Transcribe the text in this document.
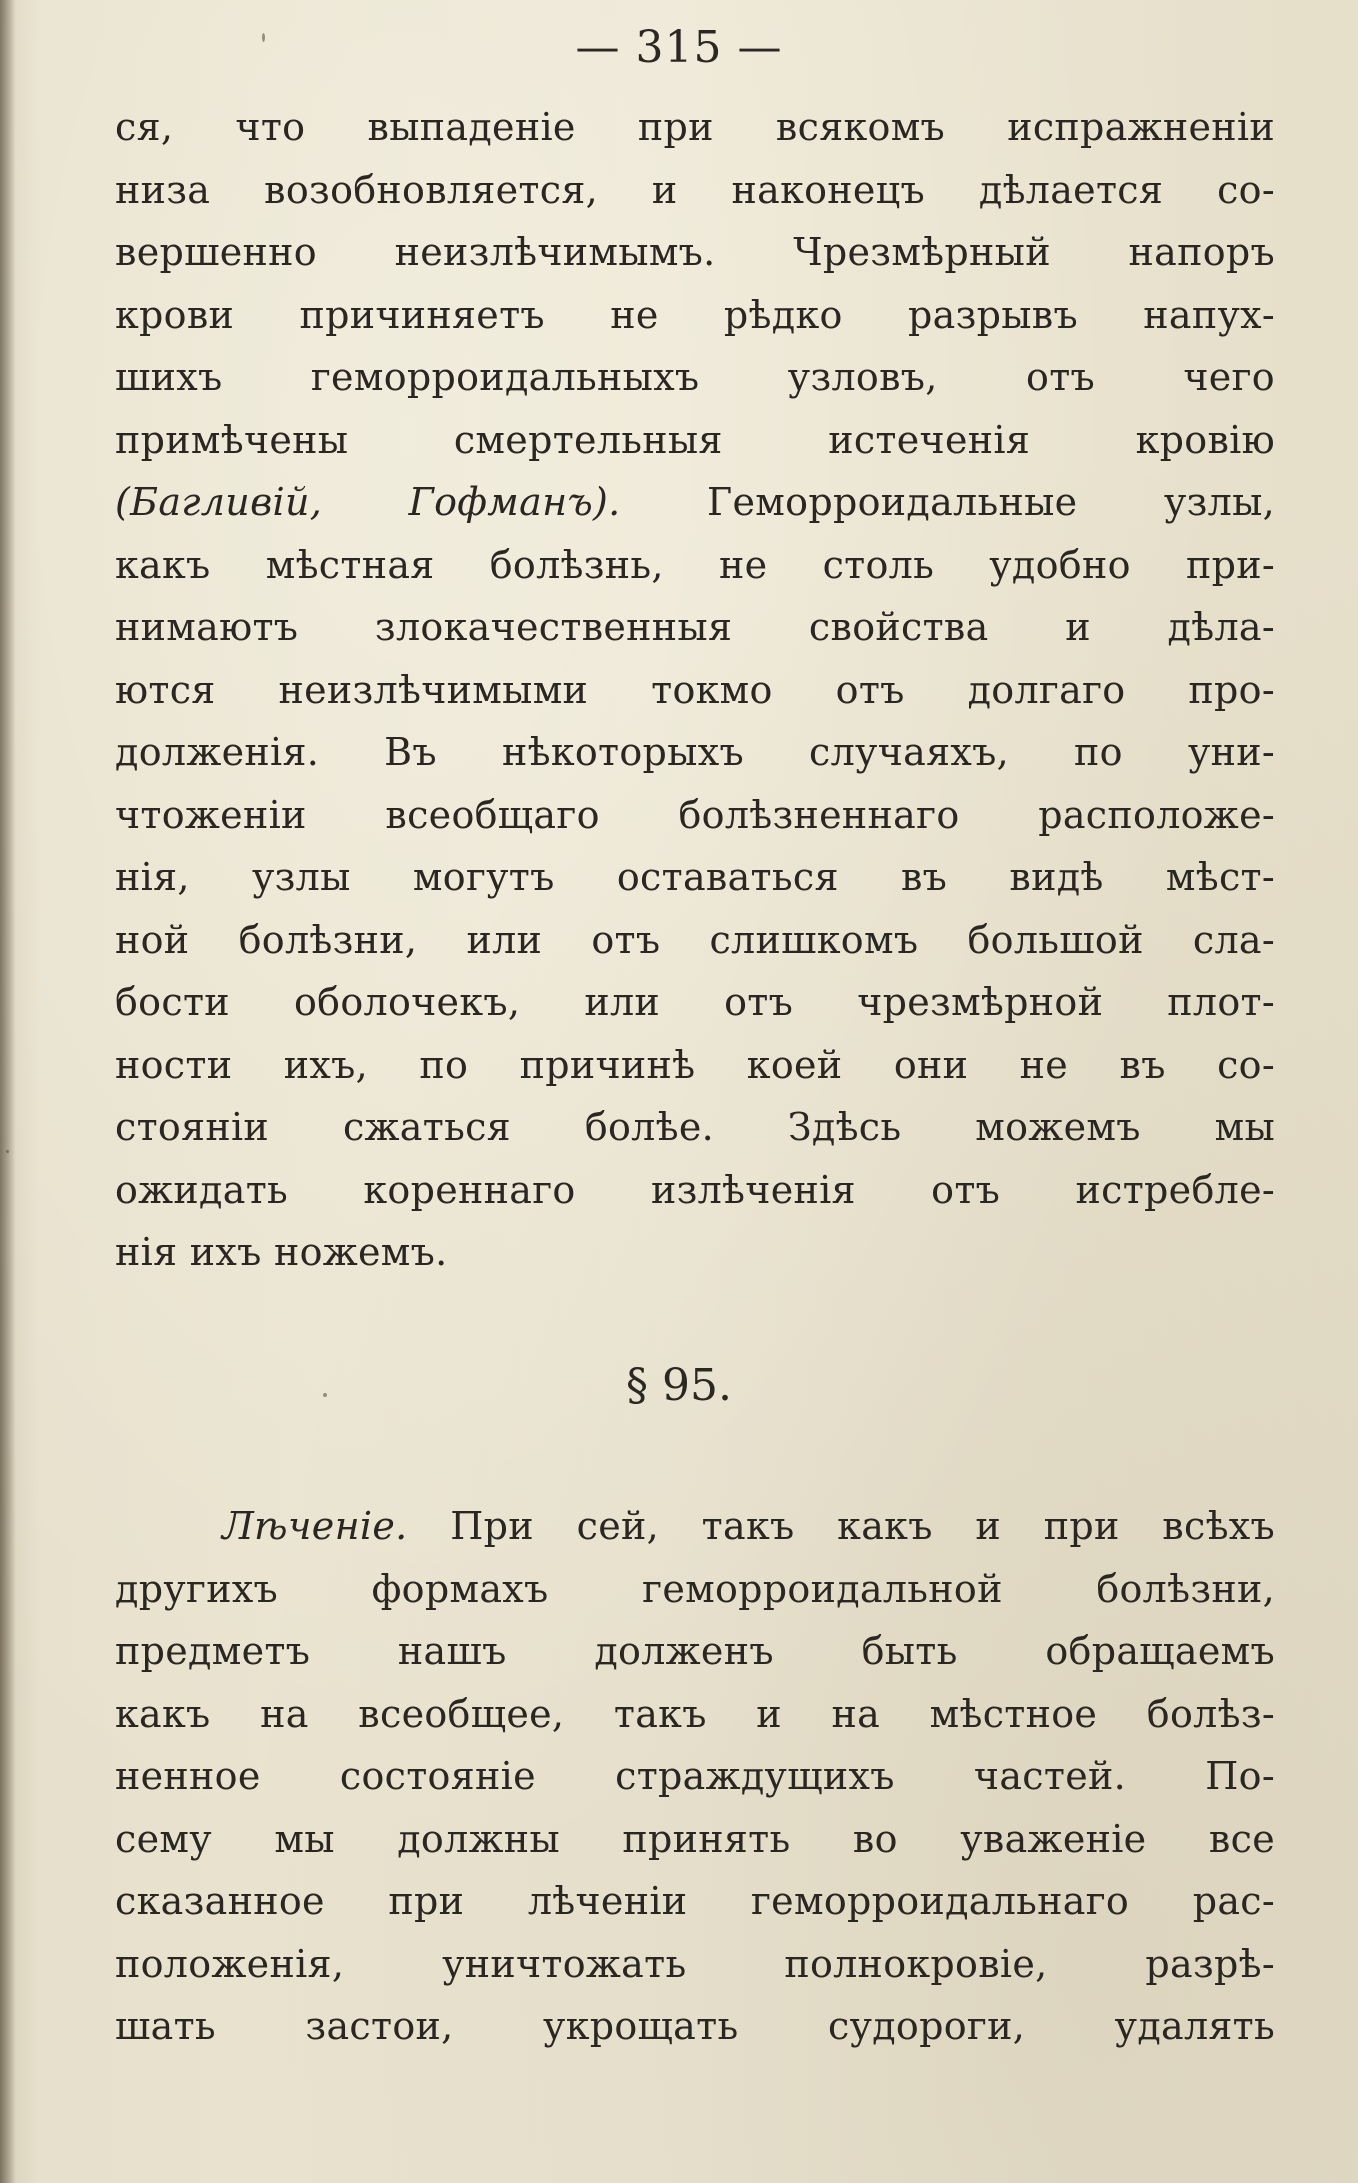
— 315 —
ся, что выпаденіе при всякомъ испражненіи
низа возобновляется, и наконецъ дѣлается со-
вершенно неизлѣчимымъ. Чрезмѣрный напоръ
крови причиняетъ не рѣдко разрывъ напух-
шихъ геморроидальныхъ узловъ, отъ чего
примѣчены смертельныя истеченія кровію
(Багливій, Гофманъ). Геморроидальные узлы,
какъ мѣстная болѣзнь, не столь удобно при-
нимаютъ злокачественныя свойства и дѣла-
ются неизлѣчимыми токмо отъ долгаго про-
долженія. Въ нѣкоторыхъ случаяхъ, по уни-
чтоженіи всеобщаго болѣзненнаго расположе-
нія, узлы могутъ оставаться въ видѣ мѣст-
ной болѣзни, или отъ слишкомъ большой сла-
бости оболочекъ, или отъ чрезмѣрной плот-
ности ихъ, по причинѣ коей они не въ со-
стояніи сжаться болѣе. Здѣсь можемъ мы
ожидать кореннаго излѣченія отъ истребле-
нія ихъ ножемъ.
§ 95.
Лѣченіе. При сей, такъ какъ и при всѣхъ
другихъ формахъ геморроидальной болѣзни,
предметъ нашъ долженъ быть обращаемъ
какъ на всеобщее, такъ и на мѣстное болѣз-
ненное состояніе страждущихъ частей. По-
сему мы должны принять во уваженіе все
сказанное при лѣченіи геморроидальнаго рас-
положенія, уничтожать полнокровіе, разрѣ-
шать застои, укрощать судороги, удалять
